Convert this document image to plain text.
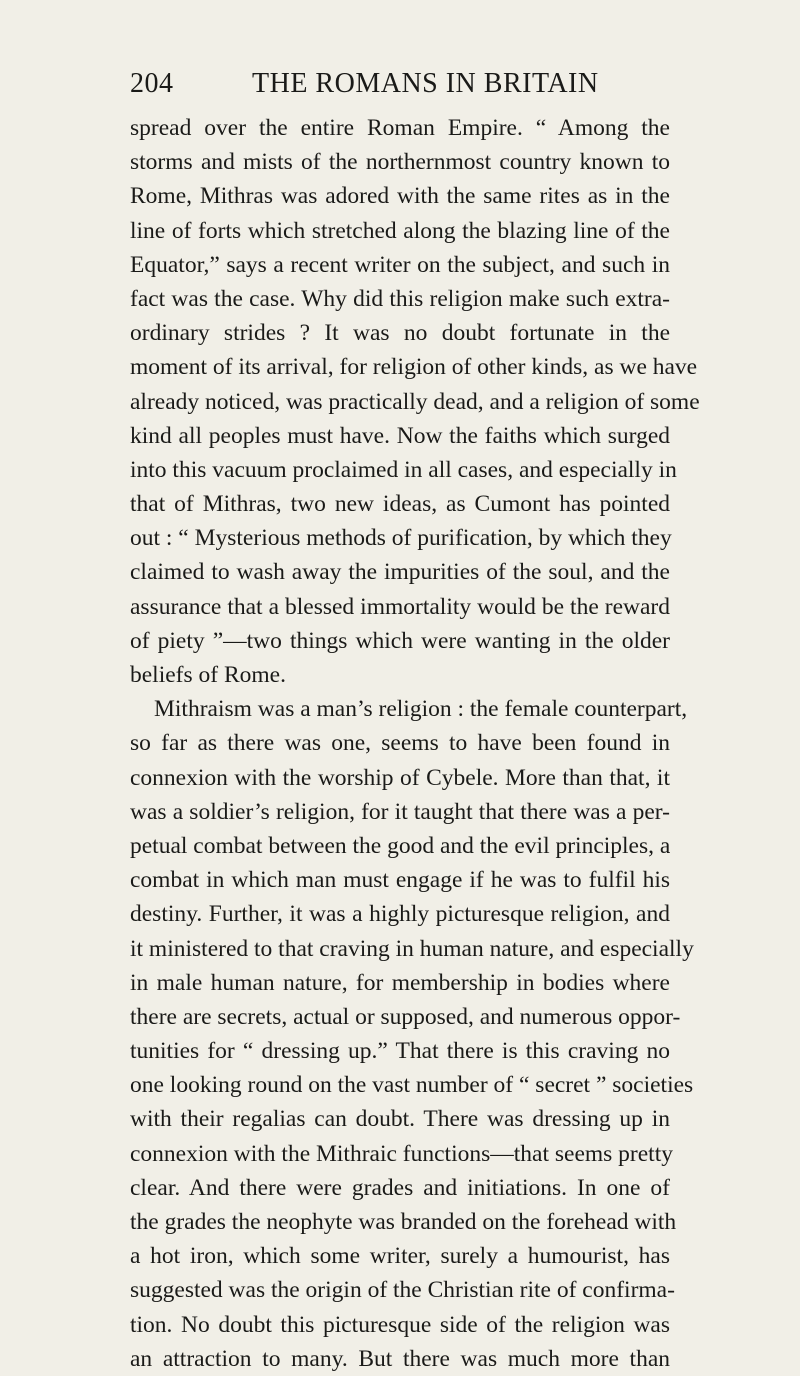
204	THE ROMANS IN BRITAIN
spread over the entire Roman Empire. “ Among the
storms and mists of the northernmost country known to
Rome, Mithras was adored with the same rites as in the
line of forts which stretched along the blazing line of the
Equator,” says a recent writer on the subject, and such in
fact was the case. Why did this religion make such extra-
ordinary strides ? It was no doubt fortunate in the
moment of its arrival, for religion of other kinds, as we have
already noticed, was practically dead, and a religion of some
kind all peoples must have. Now the faiths which surged
into this vacuum proclaimed in all cases, and especially in
that of Mithras, two new ideas, as Cumont has pointed
out : “ Mysterious methods of purification, by which they
claimed to wash away the impurities of the soul, and the
assurance that a blessed immortality would be the reward
of piety ”—two things which were wanting in the older
beliefs of Rome.
Mithraism was a man’s religion : the female counterpart,
so far as there was one, seems to have been found in
connexion with the worship of Cybele. More than that, it
was a soldier’s religion, for it taught that there was a per-
petual combat between the good and the evil principles, a
combat in which man must engage if he was to fulfil his
destiny. Further, it was a highly picturesque religion, and
it ministered to that craving in human nature, and especially
in male human nature, for membership in bodies where
there are secrets, actual or supposed, and numerous oppor-
tunities for “ dressing up.” That there is this craving no
one looking round on the vast number of “ secret ” societies
with their regalias can doubt. There was dressing up in
connexion with the Mithraic functions—that seems pretty
clear. And there were grades and initiations. In one of
the grades the neophyte was branded on the forehead with
a hot iron, which some writer, surely a humourist, has
suggested was the origin of the Christian rite of confirma-
tion. No doubt this picturesque side of the religion was
an attraction to many. But there was much more than
